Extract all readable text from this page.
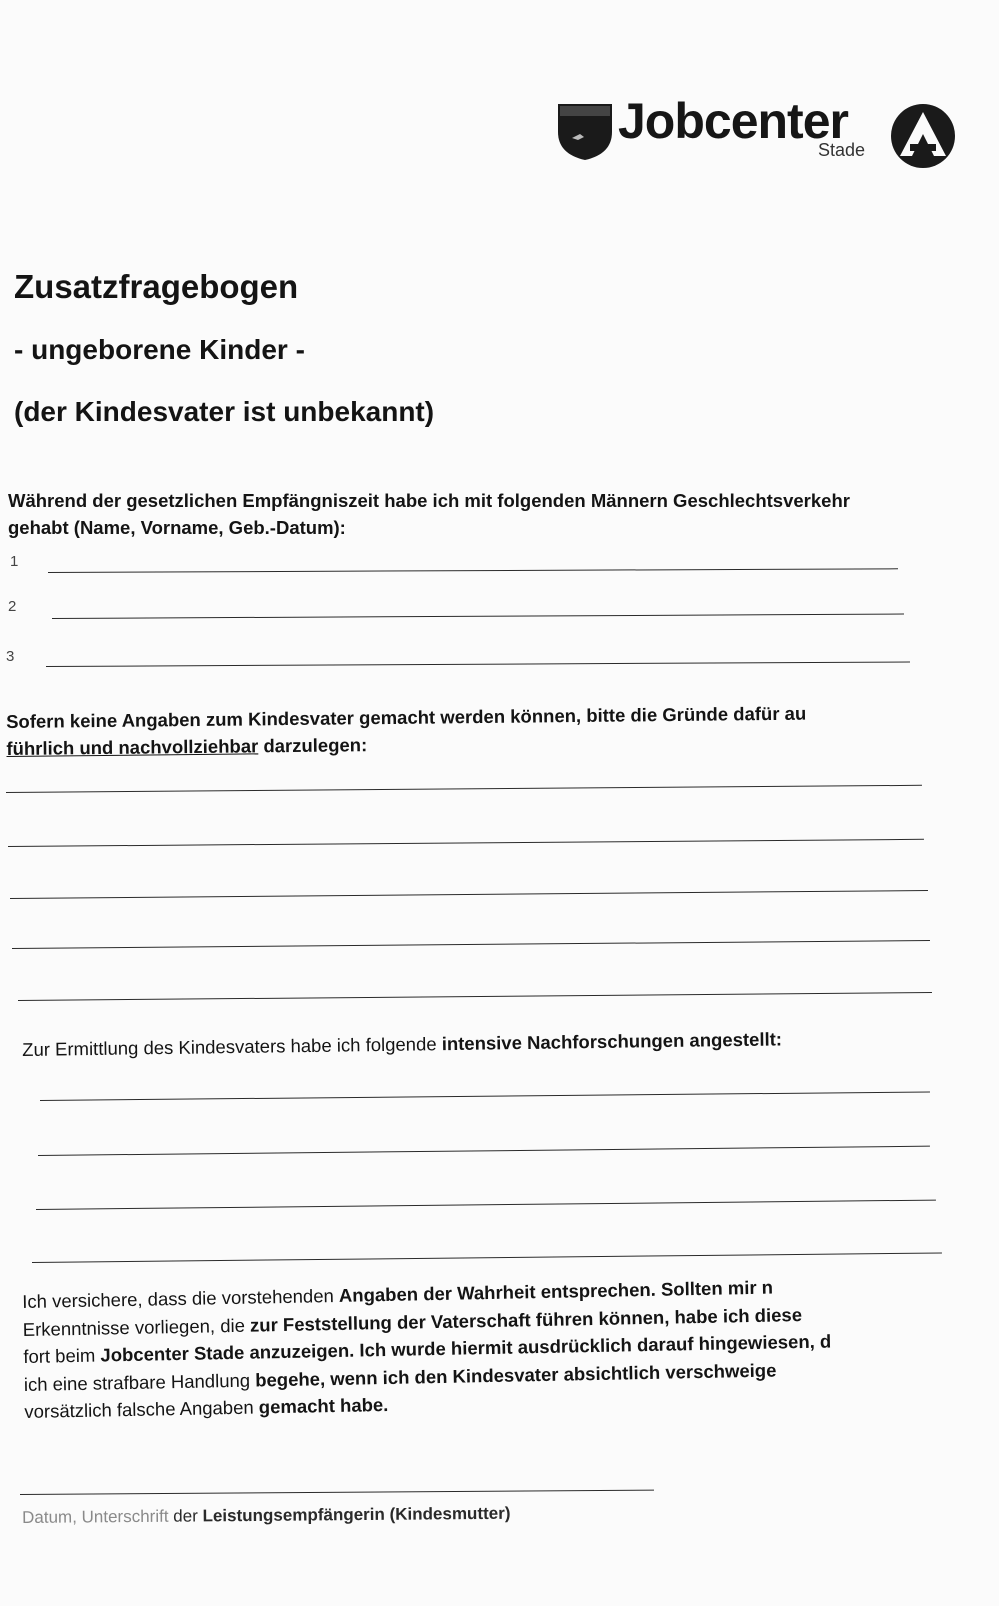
Jobcenter
Stade
Zusatzfragebogen
- ungeborene Kinder -
(der Kindesvater ist unbekannt)
Während der gesetzlichen Empfängniszeit habe ich mit folgenden Männern Geschlechtsverkehr
gehabt (Name, Vorname, Geb.-Datum):
1
2
3
Sofern keine Angaben zum Kindesvater gemacht werden können, bitte die Gründe dafür au
führlich und nachvollziehbar darzulegen:
Zur Ermittlung des Kindesvaters habe ich folgende intensive Nachforschungen angestellt:
Ich versichere, dass die vorstehenden Angaben der Wahrheit entsprechen. Sollten mir n
Erkenntnisse vorliegen, die zur Feststellung der Vaterschaft führen können, habe ich diese
fort beim Jobcenter Stade anzuzeigen. Ich wurde hiermit ausdrücklich darauf hingewiesen, d
ich eine strafbare Handlung begehe, wenn ich den Kindesvater absichtlich verschweige
vorsätzlich falsche Angaben gemacht habe.
Datum, Unterschrift der Leistungsempfängerin (Kindesmutter)
